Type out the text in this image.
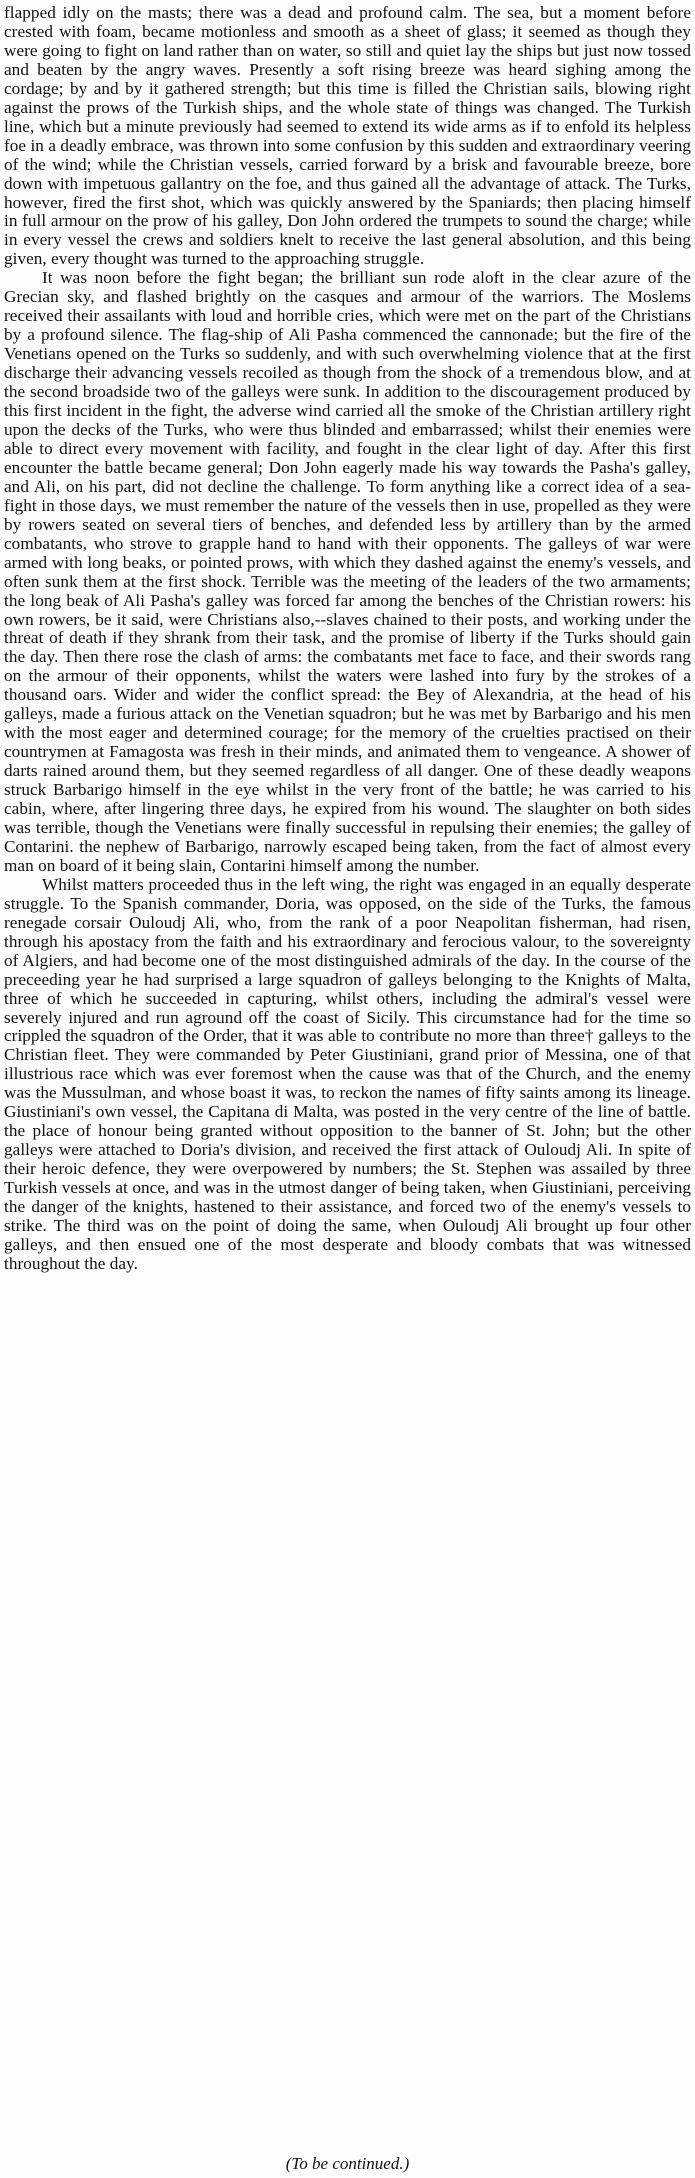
flapped idly on the masts; there was a dead and profound calm. The sea, but a moment before crested with foam, became motionless and smooth as a sheet of glass; it seemed as though they were going to fight on land rather than on water, so still and quiet lay the ships but just now tossed and beaten by the angry waves. Presently a soft rising breeze was heard sighing among the cordage; by and by it gathered strength; but this time is filled the Christian sails, blowing right against the prows of the Turkish ships, and the whole state of things was changed. The Turkish line, which but a minute previously had seemed to extend its wide arms as if to enfold its helpless foe in a deadly embrace, was thrown into some confusion by this sudden and extraordinary veering of the wind; while the Christian vessels, carried forward by a brisk and favourable breeze, bore down with impetuous gallantry on the foe, and thus gained all the advantage of attack. The Turks, however, fired the first shot, which was quickly answered by the Spaniards; then placing himself in full armour on the prow of his galley, Don John ordered the trumpets to sound the charge; while in every vessel the crews and soldiers knelt to receive the last general absolution, and this being given, every thought was turned to the approaching struggle.

It was noon before the fight began; the brilliant sun rode aloft in the clear azure of the Grecian sky, and flashed brightly on the casques and armour of the warriors. The Moslems received their assailants with loud and horrible cries, which were met on the part of the Christians by a profound silence. The flag-ship of Ali Pasha commenced the cannonade; but the fire of the Venetians opened on the Turks so suddenly, and with such overwhelming violence that at the first discharge their advancing vessels recoiled as though from the shock of a tremendous blow, and at the second broadside two of the galleys were sunk. In addition to the discouragement produced by this first incident in the fight, the adverse wind carried all the smoke of the Christian artillery right upon the decks of the Turks, who were thus blinded and embarrassed; whilst their enemies were able to direct every movement with facility, and fought in the clear light of day. After this first encounter the battle became general; Don John eagerly made his way towards the Pasha's galley, and Ali, on his part, did not decline the challenge. To form anything like a correct idea of a sea-fight in those days, we must remember the nature of the vessels then in use, propelled as they were by rowers seated on several tiers of benches, and defended less by artillery than by the armed combatants, who strove to grapple hand to hand with their opponents. The galleys of war were armed with long beaks, or pointed prows, with which they dashed against the enemy's vessels, and often sunk them at the first shock. Terrible was the meeting of the leaders of the two armaments; the long beak of Ali Pasha's galley was forced far among the benches of the Christian rowers: his own rowers, be it said, were Christians also,--slaves chained to their posts, and working under the threat of death if they shrank from their task, and the promise of liberty if the Turks should gain the day. Then there rose the clash of arms: the combatants met face to face, and their swords rang on the armour of their opponents, whilst the waters were lashed into fury by the strokes of a thousand oars. Wider and wider the conflict spread: the Bey of Alexandria, at the head of his galleys, made a furious attack on the Venetian squadron; but he was met by Barbarigo and his men with the most eager and determined courage; for the memory of the cruelties practised on their countrymen at Famagosta was fresh in their minds, and animated them to vengeance. A shower of darts rained around them, but they seemed regardless of all danger. One of these deadly weapons struck Barbarigo himself in the eye whilst in the very front of the battle; he was carried to his cabin, where, after lingering three days, he expired from his wound. The slaughter on both sides was terrible, though the Venetians were finally successful in repulsing their enemies; the galley of Contarini. the nephew of Barbarigo, narrowly escaped being taken, from the fact of almost every man on board of it being slain, Contarini himself among the number.

Whilst matters proceeded thus in the left wing, the right was engaged in an equally desperate struggle. To the Spanish commander, Doria, was opposed, on the side of the Turks, the famous renegade corsair Ouloudj Ali, who, from the rank of a poor Neapolitan fisherman, had risen, through his apostacy from the faith and his extraordinary and ferocious valour, to the sovereignty of Algiers, and had become one of the most distinguished admirals of the day. In the course of the preceeding year he had surprised a large squadron of galleys belonging to the Knights of Malta, three of which he succeeded in capturing, whilst others, including the admiral's vessel were severely injured and run aground off the coast of Sicily. This circumstance had for the time so crippled the squadron of the Order, that it was able to contribute no more than three† galleys to the Christian fleet. They were commanded by Peter Giustiniani, grand prior of Messina, one of that illustrious race which was ever foremost when the cause was that of the Church, and the enemy was the Mussulman, and whose boast it was, to reckon the names of fifty saints among its lineage. Giustiniani's own vessel, the Capitana di Malta, was posted in the very centre of the line of battle. the place of honour being granted without opposition to the banner of St. John; but the other galleys were attached to Doria's division, and received the first attack of Ouloudj Ali. In spite of their heroic defence, they were overpowered by numbers; the St. Stephen was assailed by three Turkish vessels at once, and was in the utmost danger of being taken, when Giustiniani, perceiving the danger of the knights, hastened to their assistance, and forced two of the enemy's vessels to strike. The third was on the point of doing the same, when Ouloudj Ali brought up four other galleys, and then ensued one of the most desperate and bloody combats that was witnessed throughout the day.

(To be continued.)
